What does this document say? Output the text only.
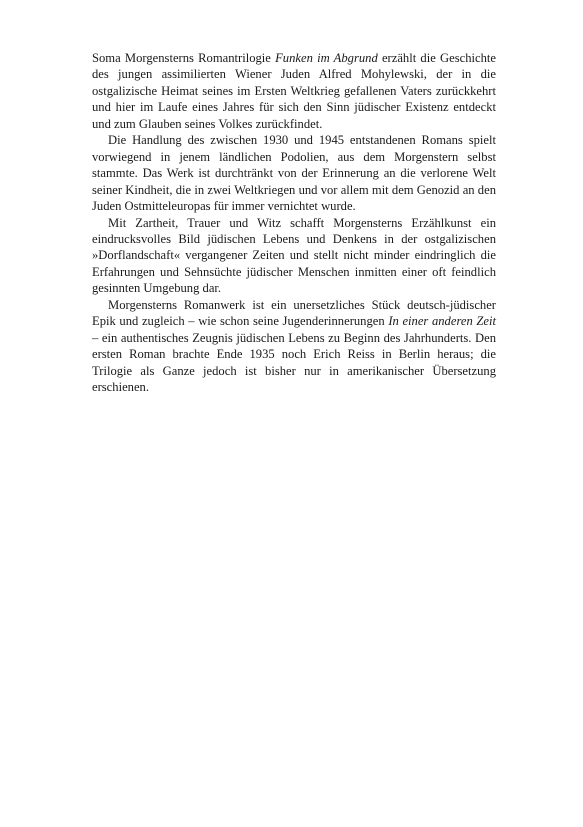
Soma Morgensterns Romantrilogie Funken im Abgrund erzählt die Geschichte des jungen assimilierten Wiener Juden Alfred Mohylewski, der in die ostgalizische Heimat seines im Ersten Weltkrieg gefallenen Vaters zurückkehrt und hier im Laufe eines Jahres für sich den Sinn jüdischer Existenz entdeckt und zum Glauben seines Volkes zurückfindet.

Die Handlung des zwischen 1930 und 1945 entstandenen Romans spielt vorwiegend in jenem ländlichen Podolien, aus dem Morgenstern selbst stammte. Das Werk ist durchtränkt von der Erinnerung an die verlorene Welt seiner Kindheit, die in zwei Weltkriegen und vor allem mit dem Genozid an den Juden Ostmitteleuropas für immer vernichtet wurde.

Mit Zartheit, Trauer und Witz schafft Morgensterns Erzählkunst ein eindrucksvolles Bild jüdischen Lebens und Denkens in der ostgalizischen »Dorflandschaft« vergangener Zeiten und stellt nicht minder eindringlich die Erfahrungen und Sehnsüchte jüdischer Menschen inmitten einer oft feindlich gesinnten Umgebung dar.

Morgensterns Romanwerk ist ein unersetzliches Stück deutsch-jüdischer Epik und zugleich – wie schon seine Jugenderinnerungen In einer anderen Zeit – ein authentisches Zeugnis jüdischen Lebens zu Beginn des Jahrhunderts. Den ersten Roman brachte Ende 1935 noch Erich Reiss in Berlin heraus; die Trilogie als Ganze jedoch ist bisher nur in amerikanischer Übersetzung erschienen.
